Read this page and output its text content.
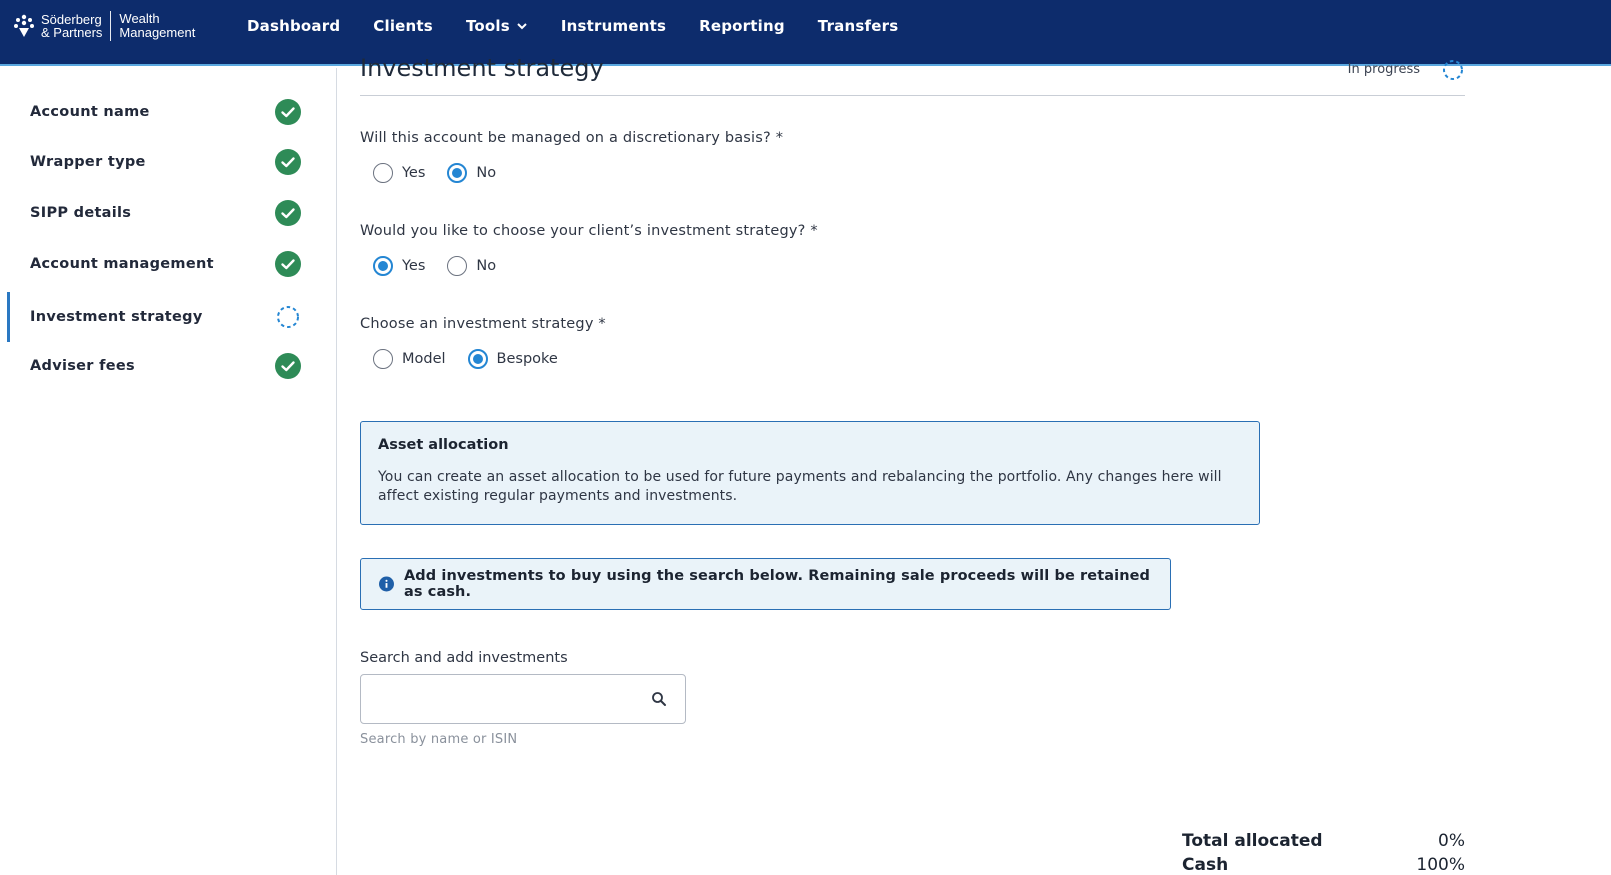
Söderberg
& Partners
Wealth
Management	Dashboard Clients Tools	Instruments Reporting Transfers
Account name
Wrapper type
SIPP details
Account management
Investment strategy
Adviser fees
Investment strategy	In progress
Will this account be managed on a discretionary basis? *
Yes	No
Would you like to choose your client’s investment strategy? *
Yes	No
Choose an investment strategy *
Model	Bespoke
Asset allocation
You can create an asset allocation to be used for future payments and rebalancing the portfolio. Any changes here will affect existing regular payments and investments.
Add investments to buy using the search below. Remaining sale proceeds will be retained as cash.
Search and add investments
Search by name or ISIN
Total allocated	0%
Cash	100%
